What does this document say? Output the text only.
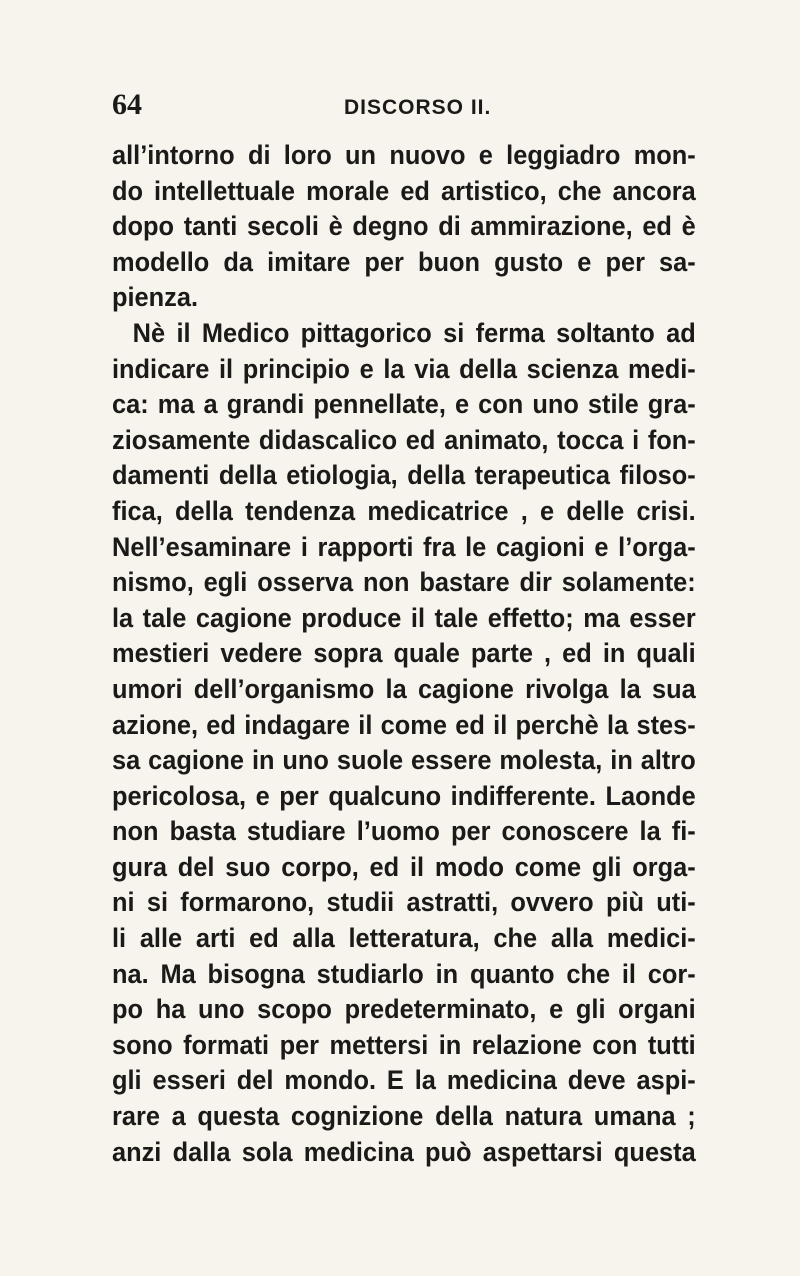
64	DISCORSO II.
all’intorno di loro un nuovo e leggiadro mon-
do intellettuale morale ed artistico, che ancora
dopo tanti secoli è degno di ammirazione, ed è
modello da imitare per buon gusto e per sa-
pienza.
Nè il Medico pittagorico si ferma soltanto ad
indicare il principio e la via della scienza medi-
ca: ma a grandi pennellate, e con uno stile gra-
ziosamente didascalico ed animato, tocca i fon-
damenti della etiologia, della terapeutica filoso-
fica, della tendenza medicatrice , e delle crisi.
Nell’esaminare i rapporti fra le cagioni e l’orga-
nismo, egli osserva non bastare dir solamente:
la tale cagione produce il tale effetto; ma esser
mestieri vedere sopra quale parte , ed in quali
umori dell’organismo la cagione rivolga la sua
azione, ed indagare il come ed il perchè la stes-
sa cagione in uno suole essere molesta, in altro
pericolosa, e per qualcuno indifferente. Laonde
non basta studiare l’uomo per conoscere la fi-
gura del suo corpo, ed il modo come gli orga-
ni si formarono, studii astratti, ovvero più uti-
li alle arti ed alla letteratura, che alla medici-
na. Ma bisogna studiarlo in quanto che il cor-
po ha uno scopo predeterminato, e gli organi
sono formati per mettersi in relazione con tutti
gli esseri del mondo. E la medicina deve aspi-
rare a questa cognizione della natura umana ;
anzi dalla sola medicina può aspettarsi questa
